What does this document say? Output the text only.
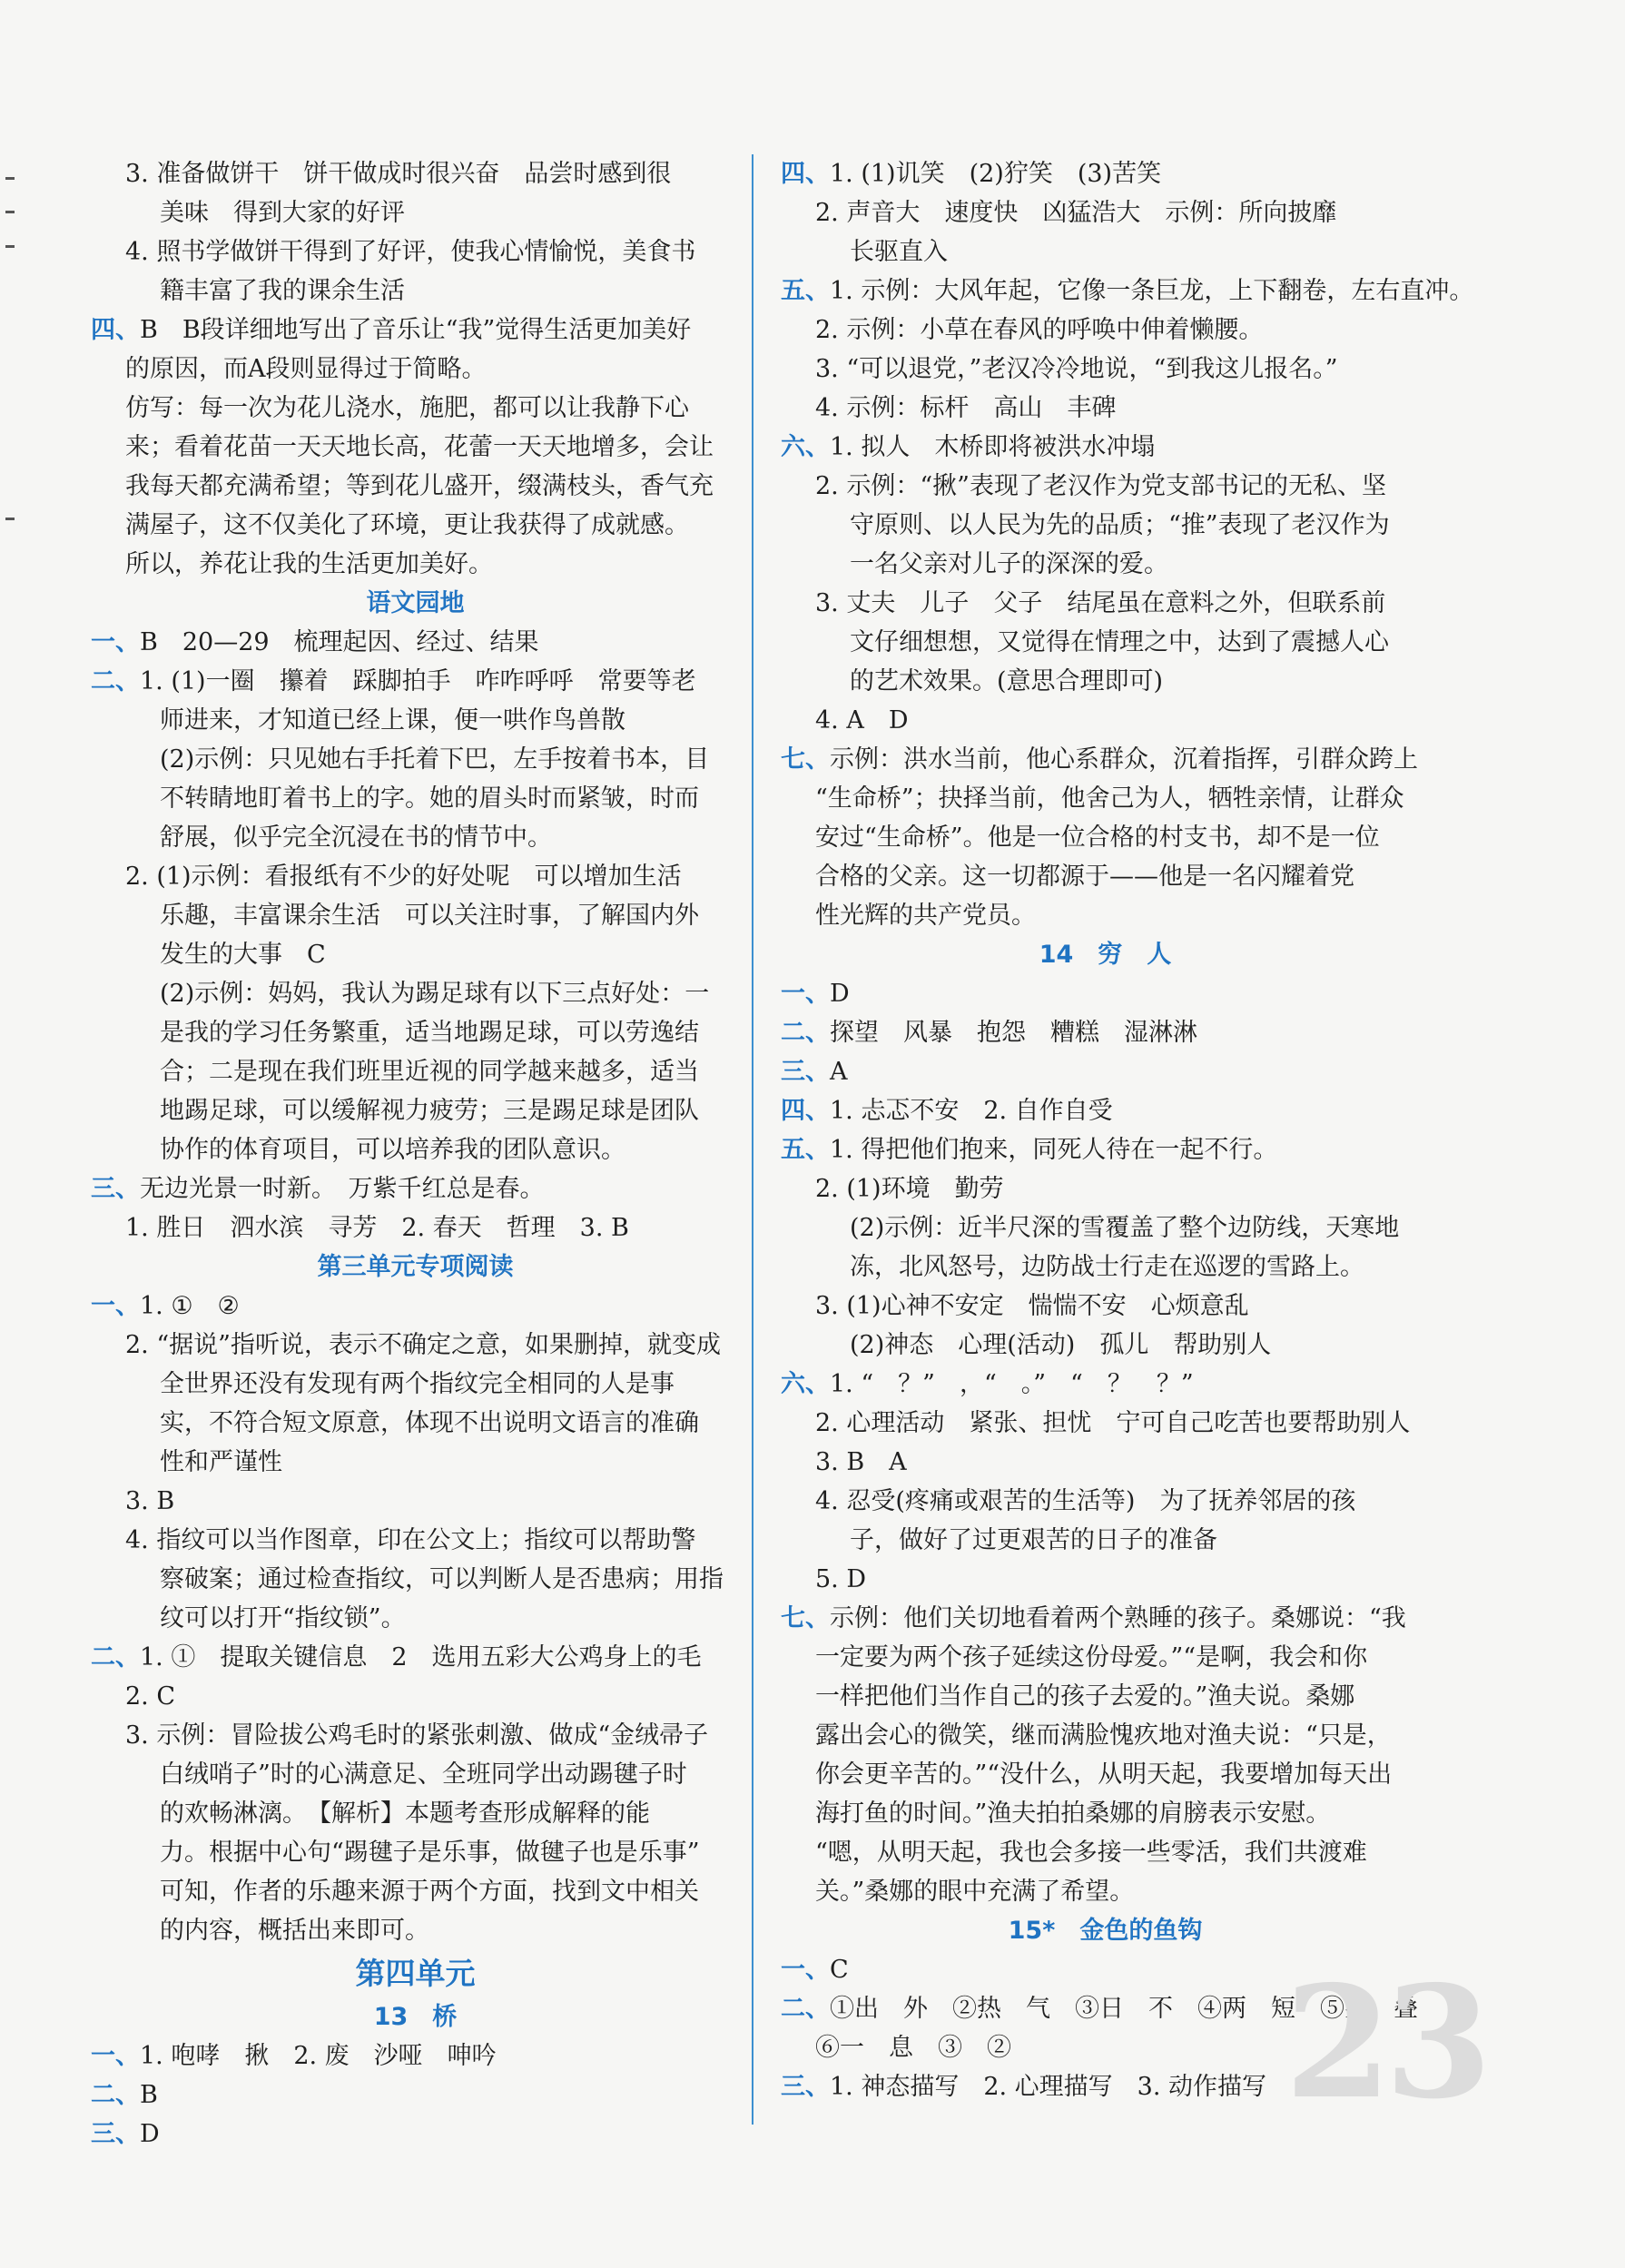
3. 准备做饼干　饼干做成时很兴奋　品尝时感到很
美味　得到大家的好评
4. 照书学做饼干得到了好评，使我心情愉悦，美食书
籍丰富了我的课余生活
四、B　B段详细地写出了音乐让“我”觉得生活更加美好
的原因，而A段则显得过于简略。
仿写：每一次为花儿浇水，施肥，都可以让我静下心
来；看着花苗一天天地长高，花蕾一天天地增多，会让
我每天都充满希望；等到花儿盛开，缀满枝头，香气充
满屋子，这不仅美化了环境，更让我获得了成就感。
所以，养花让我的生活更加美好。
语文园地
一、B　20—29　梳理起因、经过、结果
二、1. (1)一圈　攥着　踩脚拍手　咋咋呼呼　常要等老
师进来，才知道已经上课，便一哄作鸟兽散
(2)示例：只见她右手托着下巴，左手按着书本，目
不转睛地盯着书上的字。她的眉头时而紧皱，时而
舒展，似乎完全沉浸在书的情节中。
2. (1)示例：看报纸有不少的好处呢　可以增加生活
乐趣，丰富课余生活　可以关注时事，了解国内外
发生的大事　C
(2)示例：妈妈，我认为踢足球有以下三点好处：一
是我的学习任务繁重，适当地踢足球，可以劳逸结
合；二是现在我们班里近视的同学越来越多，适当
地踢足球，可以缓解视力疲劳；三是踢足球是团队
协作的体育项目，可以培养我的团队意识。
三、无边光景一时新。　万紫千红总是春。
1. 胜日　泗水滨　寻芳　2. 春天　哲理　3. B
第三单元专项阅读
一、1. ①　②
2. “据说”指听说，表示不确定之意，如果删掉，就变成
全世界还没有发现有两个指纹完全相同的人是事
实，不符合短文原意，体现不出说明文语言的准确
性和严谨性
3. B
4. 指纹可以当作图章，印在公文上；指纹可以帮助警
察破案；通过检查指纹，可以判断人是否患病；用指
纹可以打开“指纹锁”。
二、1. ①　提取关键信息　2　选用五彩大公鸡身上的毛
2. C
3. 示例：冒险拔公鸡毛时的紧张刺激、做成“金绒帚子
白绒哨子”时的心满意足、全班同学出动踢毽子时
的欢畅淋漓。　【解析】本题考查形成解释的能
力。根据中心句“踢毽子是乐事，做毽子也是乐事”
可知，作者的乐趣来源于两个方面，找到文中相关
的内容，概括出来即可。
第四单元
13　桥
一、1. 咆哮　揪　2. 废　沙哑　呻吟
二、B
三、D
四、1. (1)讥笑　(2)狞笑　(3)苦笑
2. 声音大　速度快　凶猛浩大　示例：所向披靡
长驱直入
五、1. 示例：大风年起，它像一条巨龙，上下翻卷，左右直冲。
2. 示例：小草在春风的呼唤中伸着懒腰。
3. “可以退党，”老汉冷冷地说，“到我这儿报名。”
4. 示例：标杆　高山　丰碑
六、1. 拟人　木桥即将被洪水冲塌
2. 示例：“揪”表现了老汉作为党支部书记的无私、坚
守原则、以人民为先的品质；“推”表现了老汉作为
一名父亲对儿子的深深的爱。
3. 丈夫　儿子　父子　结尾虽在意料之外，但联系前
文仔细想想，又觉得在情理之中，达到了震撼人心
的艺术效果。(意思合理即可)
4. A　D
七、示例：洪水当前，他心系群众，沉着指挥，引群众跨上
“生命桥”；抉择当前，他舍己为人，牺牲亲情，让群众
安过“生命桥”。他是一位合格的村支书，却不是一位
合格的父亲。这一切都源于——他是一名闪耀着党
性光辉的共产党员。
14　穷　人
一、D
二、探望　风暴　抱怨　糟糕　湿淋淋
三、A
四、1. 忐忑不安　2. 自作自受
五、1. 得把他们抱来，同死人待在一起不行。
2. (1)环境　勤劳
(2)示例：近半尺深的雪覆盖了整个边防线，天寒地
冻，北风怒号，边防战士行走在巡逻的雪路上。
3. (1)心神不安定　惴惴不安　心烦意乱
(2)神态　心理(活动)　孤儿　帮助别人
六、1. “　？”　，“　。”　“　？　？”
2. 心理活动　紧张、担忧　宁可自己吃苦也要帮助别人
3. B　A
4. 忍受(疼痛或艰苦的生活等)　为了抚养邻居的孩
子，做好了过更艰苦的日子的准备
5. D
七、示例：他们关切地看着两个熟睡的孩子。桑娜说：“我
一定要为两个孩子延续这份母爱。”“是啊，我会和你
一样把他们当作自己的孩子去爱的。”渔夫说。桑娜
露出会心的微笑，继而满脸愧疚地对渔夫说：“只是，
你会更辛苦的。”“没什么，从明天起，我要增加每天出
海打鱼的时间。”渔夫拍拍桑娜的肩膀表示安慰。
“嗯，从明天起，我也会多接一些零活，我们共渡难
关。”桑娜的眼中充满了希望。
15*　金色的鱼钩
一、C
二、①出　外　②热　气　③日　不　④两　短　⑤叠　叠
⑥一　息　③　②
三、1. 神态描写　2. 心理描写　3. 动作描写 23
